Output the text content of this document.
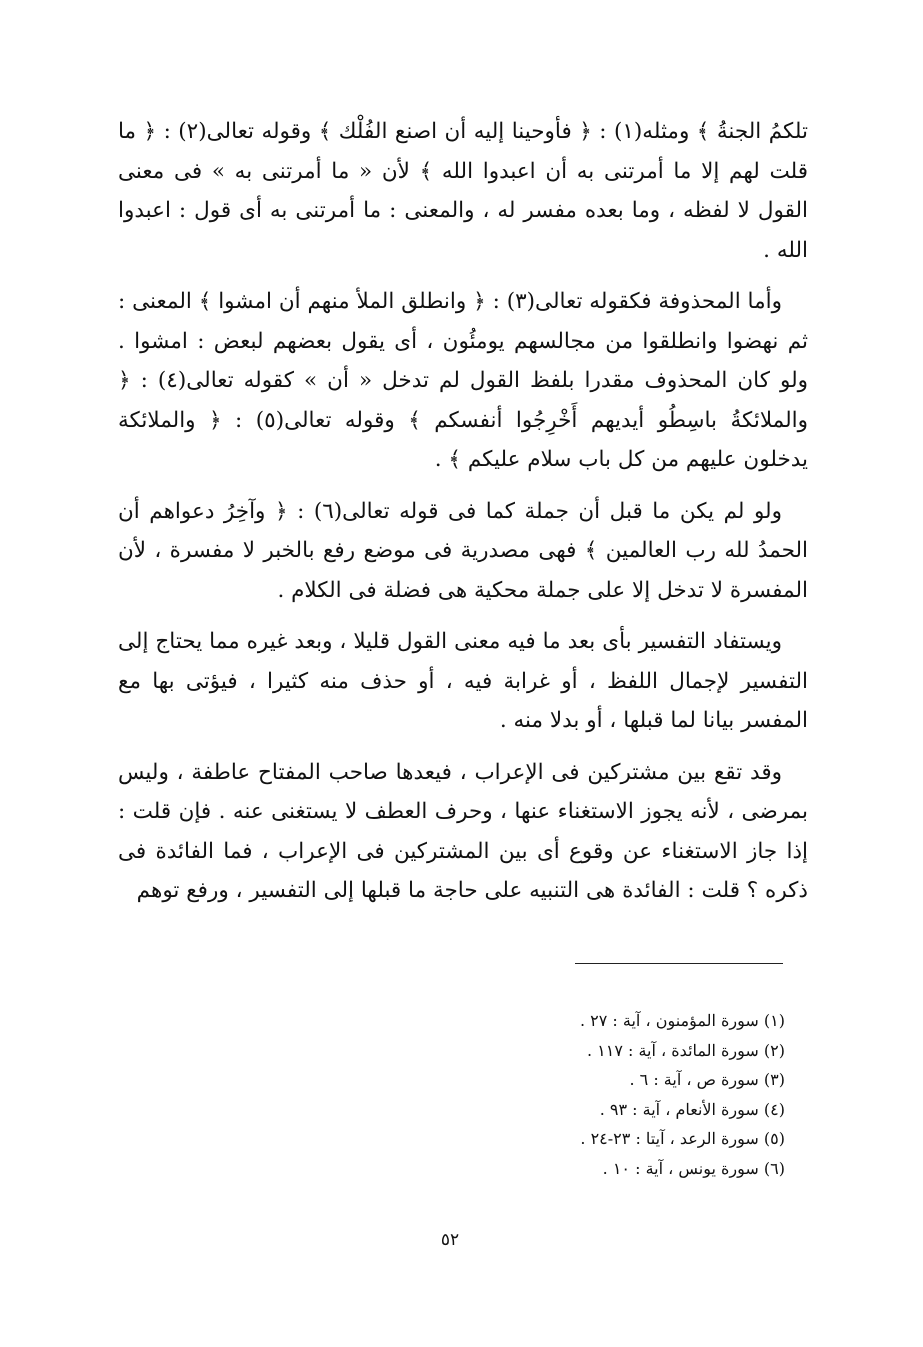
تلكمُ الجنةُ ﴾ ومثله(١) : ﴿ فأوحينا إليه أن اصنع الفُلْك ﴾ وقوله تعالى(٢) : ﴿ ما قلت لهم إلا ما أمرتنى به أن اعبدوا الله ﴾ لأن « ما أمرتنى به » فى معنى القول لا لفظه ، وما بعده مفسر له ، والمعنى : ما أمرتنى به أى قول : اعبدوا الله .

وأما المحذوفة فكقوله تعالى(٣) : ﴿ وانطلق الملأ منهم أن امشوا ﴾ المعنى : ثم نهضوا وانطلقوا من مجالسهم يومئُون ، أى يقول بعضهم لبعض : امشوا . ولو كان المحذوف مقدرا بلفظ القول لم تدخل « أن » كقوله تعالى(٤) : ﴿ والملائكةُ باسِطُو أيديهم أَخْرِجُوا أنفسكم ﴾ وقوله تعالى(٥) : ﴿ والملائكة يدخلون عليهم من كل باب سلام عليكم ﴾ .

ولو لم يكن ما قبل أن جملة كما فى قوله تعالى(٦) : ﴿ وآخِرُ دعواهم أن الحمدُ لله رب العالمين ﴾ فهى مصدرية فى موضع رفع بالخبر لا مفسرة ، لأن المفسرة لا تدخل إلا على جملة محكية هى فضلة فى الكلام .

ويستفاد التفسير بأى بعد ما فيه معنى القول قليلا ، وبعد غيره مما يحتاج إلى التفسير لإجمال اللفظ ، أو غرابة فيه ، أو حذف منه كثيرا ، فيؤتى بها مع المفسر بيانا لما قبلها ، أو بدلا منه .

وقد تقع بين مشتركين فى الإعراب ، فيعدها صاحب المفتاح عاطفة ، وليس بمرضى ، لأنه يجوز الاستغناء عنها ، وحرف العطف لا يستغنى عنه . فإن قلت : إذا جاز الاستغناء عن وقوع أى بين المشتركين فى الإعراب ، فما الفائدة فى ذكره ؟ قلت : الفائدة هى التنبيه على حاجة ما قبلها إلى التفسير ، ورفع توهم

(١) سورة المؤمنون ، آية : ٢٧ .
(٢) سورة المائدة ، آية : ١١٧ .
(٣) سورة ص ، آية : ٦ .
(٤) سورة الأنعام ، آية : ٩٣ .
(٥) سورة الرعد ، آيتا : ٢٣-٢٤ .
(٦) سورة يونس ، آية : ١٠ .
٥٢
